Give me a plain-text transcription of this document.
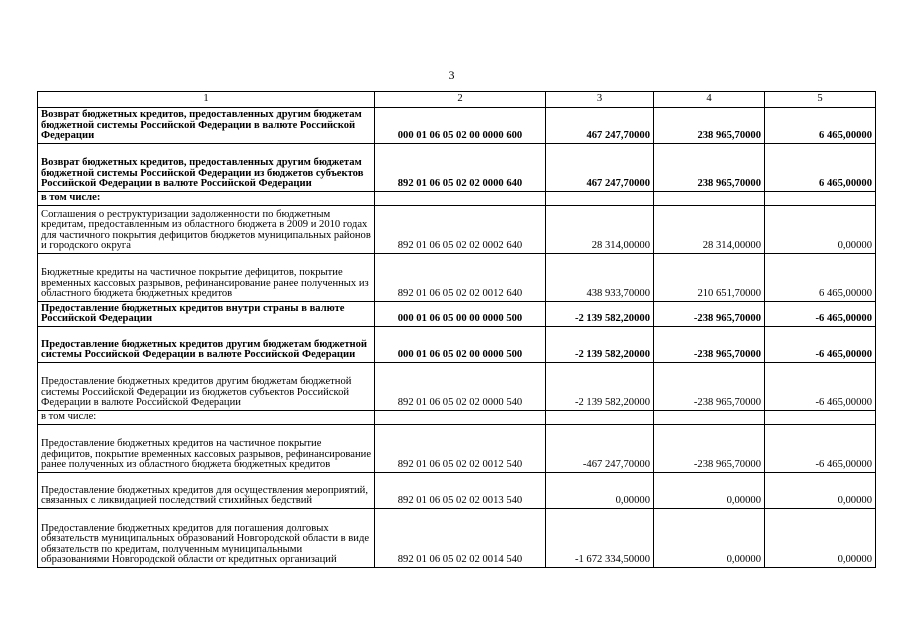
3
1	2	3	4	5
Возврат бюджетных кредитов, предоставленных другим бюджетам бюджетной системы Российской Федерации в валюте Российской Федерации	000 01 06 05 02 00 0000 600	467 247,70000	238 965,70000	6 465,00000
Возврат бюджетных кредитов, предоставленных другим бюджетам бюджетной системы Российской Федерации из бюджетов субъектов Российской Федерации в валюте Российской Федерации	892 01 06 05 02 02 0000 640	467 247,70000	238 965,70000	6 465,00000
в том числе:				
Соглашения о реструктуризации задолженности по бюджетным кредитам, предоставленным из областного бюджета в 2009 и 2010 годах для частичного покрытия дефицитов бюджетов муниципальных районов и городского округа	892 01 06 05 02 02 0002 640	28 314,00000	28 314,00000	0,00000
Бюджетные кредиты на частичное покрытие дефицитов, покрытие временных кассовых разрывов, рефинансирование ранее полученных из областного бюджета бюджетных кредитов	892 01 06 05 02 02 0012 640	438 933,70000	210 651,70000	6 465,00000
Предоставление бюджетных кредитов внутри страны в валюте Российской Федерации	000 01 06 05 00 00 0000 500	-2 139 582,20000	-238 965,70000	-6 465,00000
Предоставление бюджетных кредитов другим бюджетам бюджетной системы Российской Федерации в валюте Российской Федерации	000 01 06 05 02 00 0000 500	-2 139 582,20000	-238 965,70000	-6 465,00000
Предоставление бюджетных кредитов другим бюджетам бюджетной системы Российской Федерации из бюджетов субъектов Российской Федерации в валюте Российской Федерации	892 01 06 05 02 02 0000 540	-2 139 582,20000	-238 965,70000	-6 465,00000
в том числе:				
Предоставление бюджетных кредитов на частичное покрытие дефицитов, покрытие временных кассовых разрывов, рефинансирование ранее полученных из областного бюджета бюджетных кредитов	892 01 06 05 02 02 0012 540	-467 247,70000	-238 965,70000	-6 465,00000
Предоставление бюджетных кредитов для осуществления мероприятий, связанных с ликвидацией последствий стихийных бедствий	892 01 06 05 02 02 0013 540	0,00000	0,00000	0,00000
Предоставление бюджетных кредитов для погашения долговых обязательств муниципальных образований Новгородской области в виде обязательств по кредитам, полученным муниципальными образованиями Новгородской области от кредитных организаций	892 01 06 05 02 02 0014 540	-1 672 334,50000	0,00000	0,00000
